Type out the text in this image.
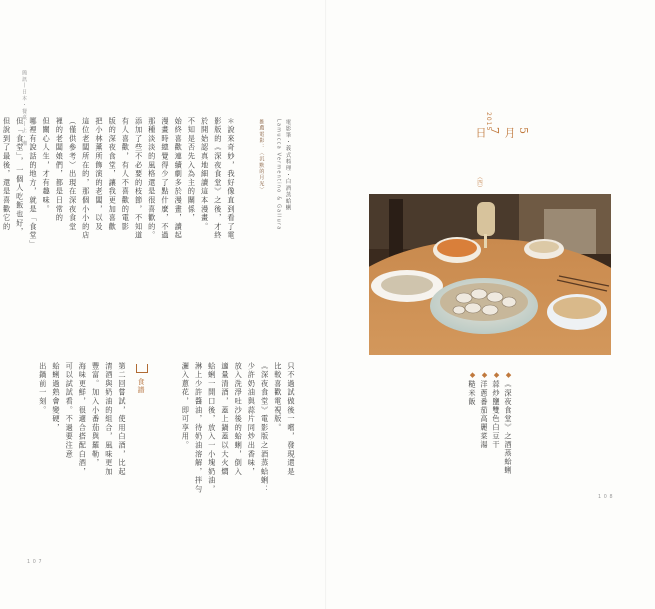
簡訊丨日本・餐桌丨上・湘
電影筆・義式料理・白酒蒸蛤蜊
Lamucca Vermentino & Gallura
推薦電影：〈沉默的月光〉
＊說來奇妙，我好像直到看了電
影版的《深夜食堂》之後，才終
於開始認真地細讀這本漫畫。
不知是否先入為主的關係，
始終喜歡連續劇多於漫畫，讀起
漫畫時總覺得少了點什麼，不過
那種淡淡的風格還是很喜歡的。
添加了些不必要的枝節，不知道
有人喜歡，有人不喜歡的電影
版的深夜食堂，讓我更加喜歡
把小林薰所飾演的老闆，以及
這位老闆所在的，那個小小的店
（僅供參考）出現在深夜食堂
裡的老闆娘們，都是日常的
但關心人生，才有趣味。
哪裡有說話的地方，就是「食堂」
但「食堂」，一個人吃飯也好，
但說到了最後，還是喜歡它的
食譜	只不過試做後一嚐，發現還是
比較喜歡電視版。
《深夜食堂》電影版之酒蒸蛤蜊：
少許奶油與蒜片同炒出香味，
放入洗淨吐沙後的蛤蜊，倒入
適量清酒，蓋上鍋蓋以大火燜
蛤蜊一開口後，放入一小塊奶油，
淋上少許醬油，待奶油溶解，拌勻
灑入蔥花，即可享用。
第二回嘗試，使用白酒，比起
清酒與奶油的組合，風味更加
豐富。加入小番茄與羅勒，
海味更鮮，很適合搭配白酒，
可以試試看。不過要注意
蛤蜊過熟會變硬，
出鍋前一刻。
1 0 7
2015
5月7日
（四）
◆《深夜食堂》之酒蒸蛤蜊
◆蒜炒鹽雙色白豆干
◆洋蔥番茄高麗菜湯
◆糙米飯
1 0 8
